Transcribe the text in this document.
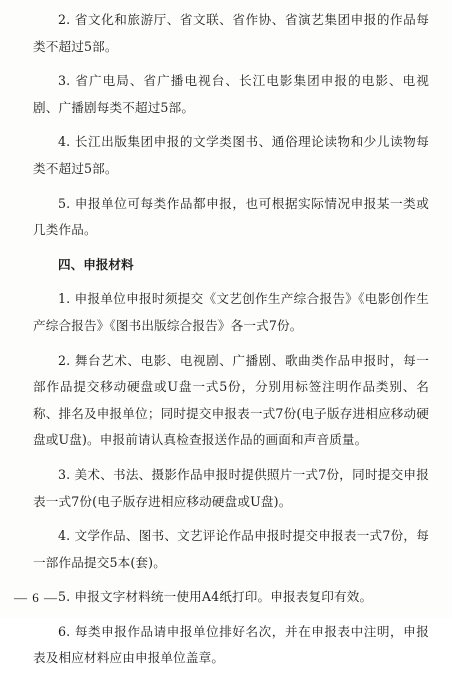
2. 省文化和旅游厅、省文联、省作协、省演艺集团申报的作品每类不超过5部。

3. 省广电局、省广播电视台、长江电影集团申报的电影、电视剧、广播剧每类不超过5部。

4. 长江出版集团申报的文学类图书、通俗理论读物和少儿读物每类不超过5部。

5. 申报单位可每类作品都申报，也可根据实际情况申报某一类或几类作品。

四、申报材料

1. 申报单位申报时须提交《文艺创作生产综合报告》《电影创作生产综合报告》《图书出版综合报告》各一式7份。

2. 舞台艺术、电影、电视剧、广播剧、歌曲类作品申报时，每一部作品提交移动硬盘或U盘一式5份，分别用标签注明作品类别、名称、排名及申报单位；同时提交申报表一式7份(电子版存进相应移动硬盘或U盘)。申报前请认真检查报送作品的画面和声音质量。

3. 美术、书法、摄影作品申报时提供照片一式7份，同时提交申报表一式7份(电子版存进相应移动硬盘或U盘)。

4. 文学作品、图书、文艺评论作品申报时提交申报表一式7份，每一部作品提交5本(套)。

5. 申报文字材料统一使用A4纸打印。申报表复印有效。

6. 每类申报作品请申报单位排好名次，并在申报表中注明，申报表及相应材料应由申报单位盖章。

— 6 —
